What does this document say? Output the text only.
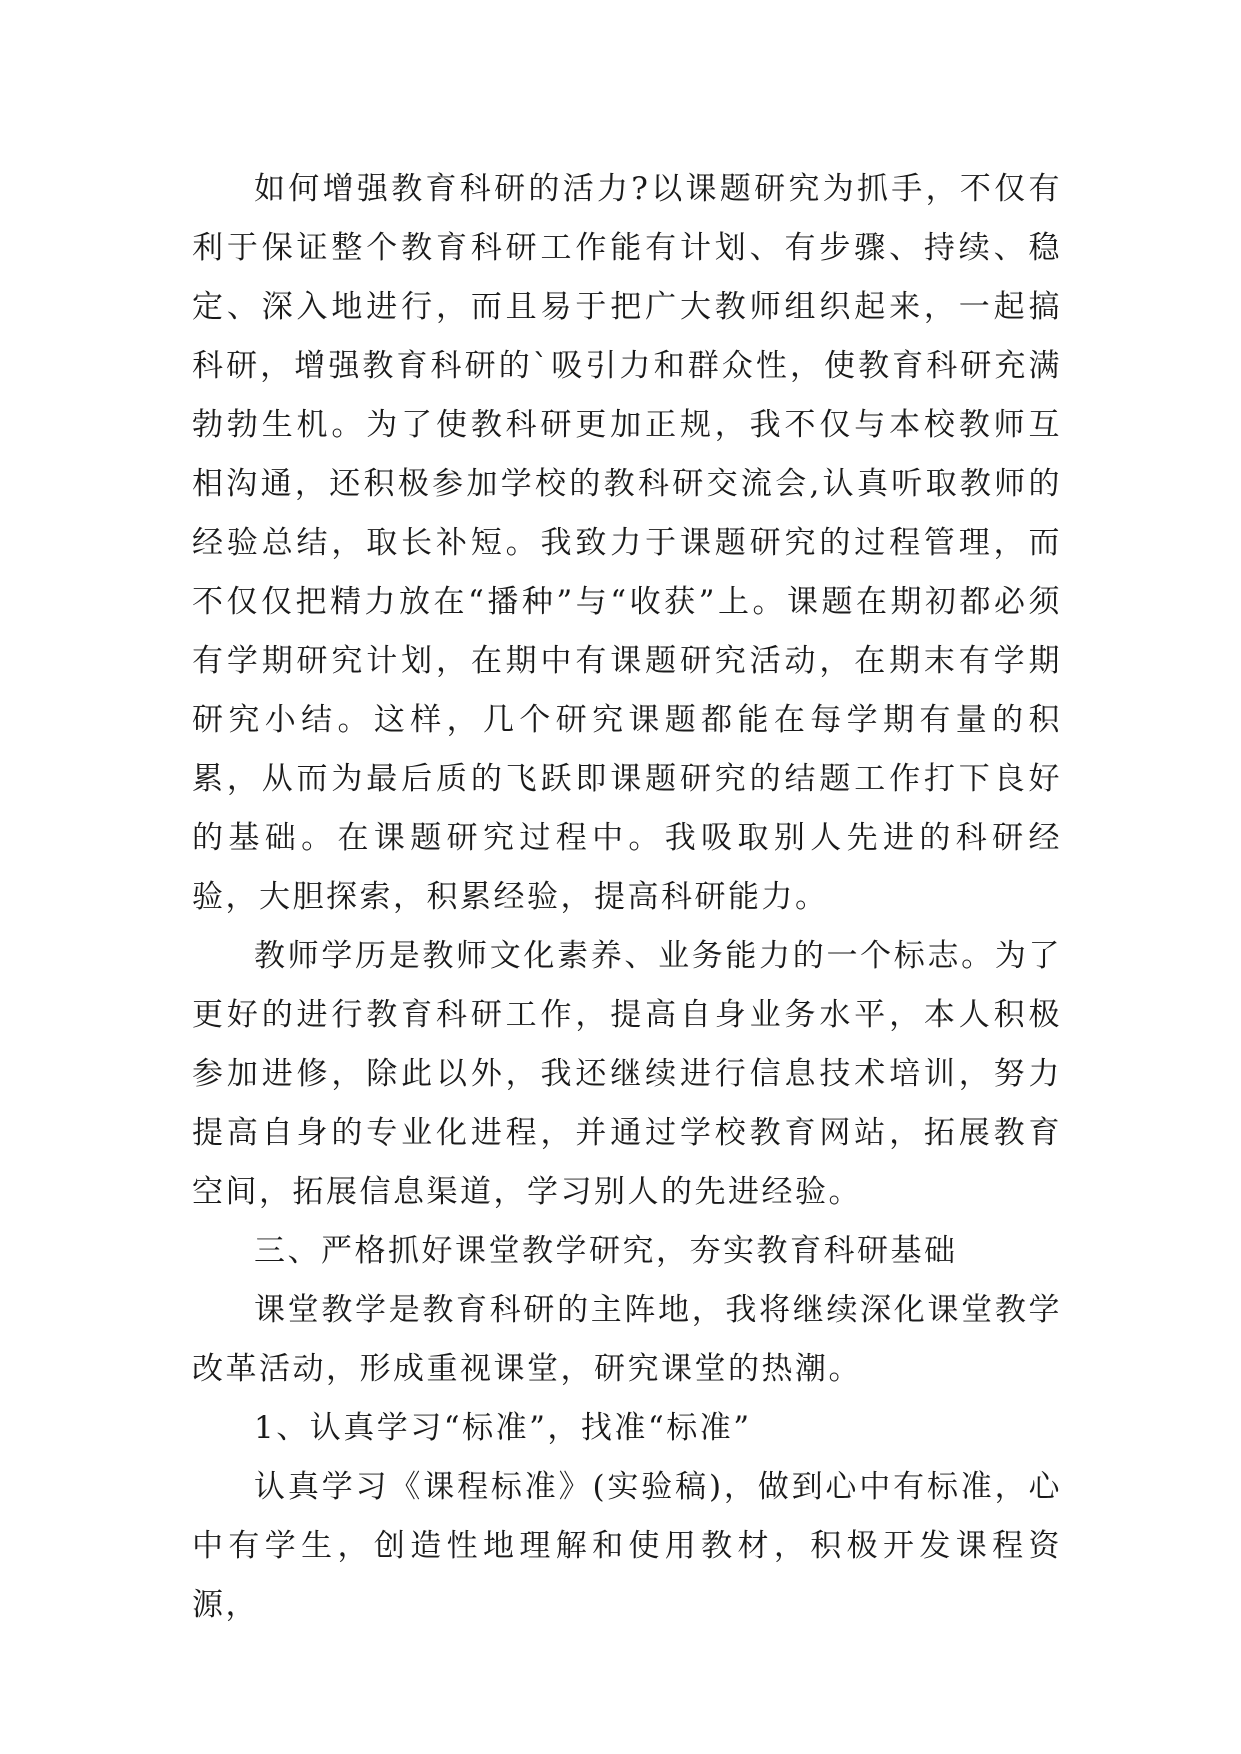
如何增强教育科研的活力?以课题研究为抓手，不仅有利于保证整个教育科研工作能有计划、有步骤、持续、稳定、深入地进行，而且易于把广大教师组织起来，一起搞科研，增强教育科研的`吸引力和群众性，使教育科研充满勃勃生机。为了使教科研更加正规，我不仅与本校教师互相沟通，还积极参加学校的教科研交流会,认真听取教师的经验总结，取长补短。我致力于课题研究的过程管理，而不仅仅把精力放在“播种”与“收获”上。课题在期初都必须有学期研究计划，在期中有课题研究活动，在期末有学期研究小结。这样，几个研究课题都能在每学期有量的积累，从而为最后质的飞跃即课题研究的结题工作打下良好的基础。在课题研究过程中。我吸取别人先进的科研经验，大胆探索，积累经验，提高科研能力。

教师学历是教师文化素养、业务能力的一个标志。为了更好的进行教育科研工作，提高自身业务水平，本人积极参加进修，除此以外，我还继续进行信息技术培训，努力提高自身的专业化进程，并通过学校教育网站，拓展教育空间，拓展信息渠道，学习别人的先进经验。

三、严格抓好课堂教学研究，夯实教育科研基础

课堂教学是教育科研的主阵地，我将继续深化课堂教学改革活动，形成重视课堂，研究课堂的热潮。

1、认真学习“标准”，找准“标准”

认真学习《课程标准》(实验稿)，做到心中有标准，心中有学生，创造性地理解和使用教材，积极开发课程资源，
